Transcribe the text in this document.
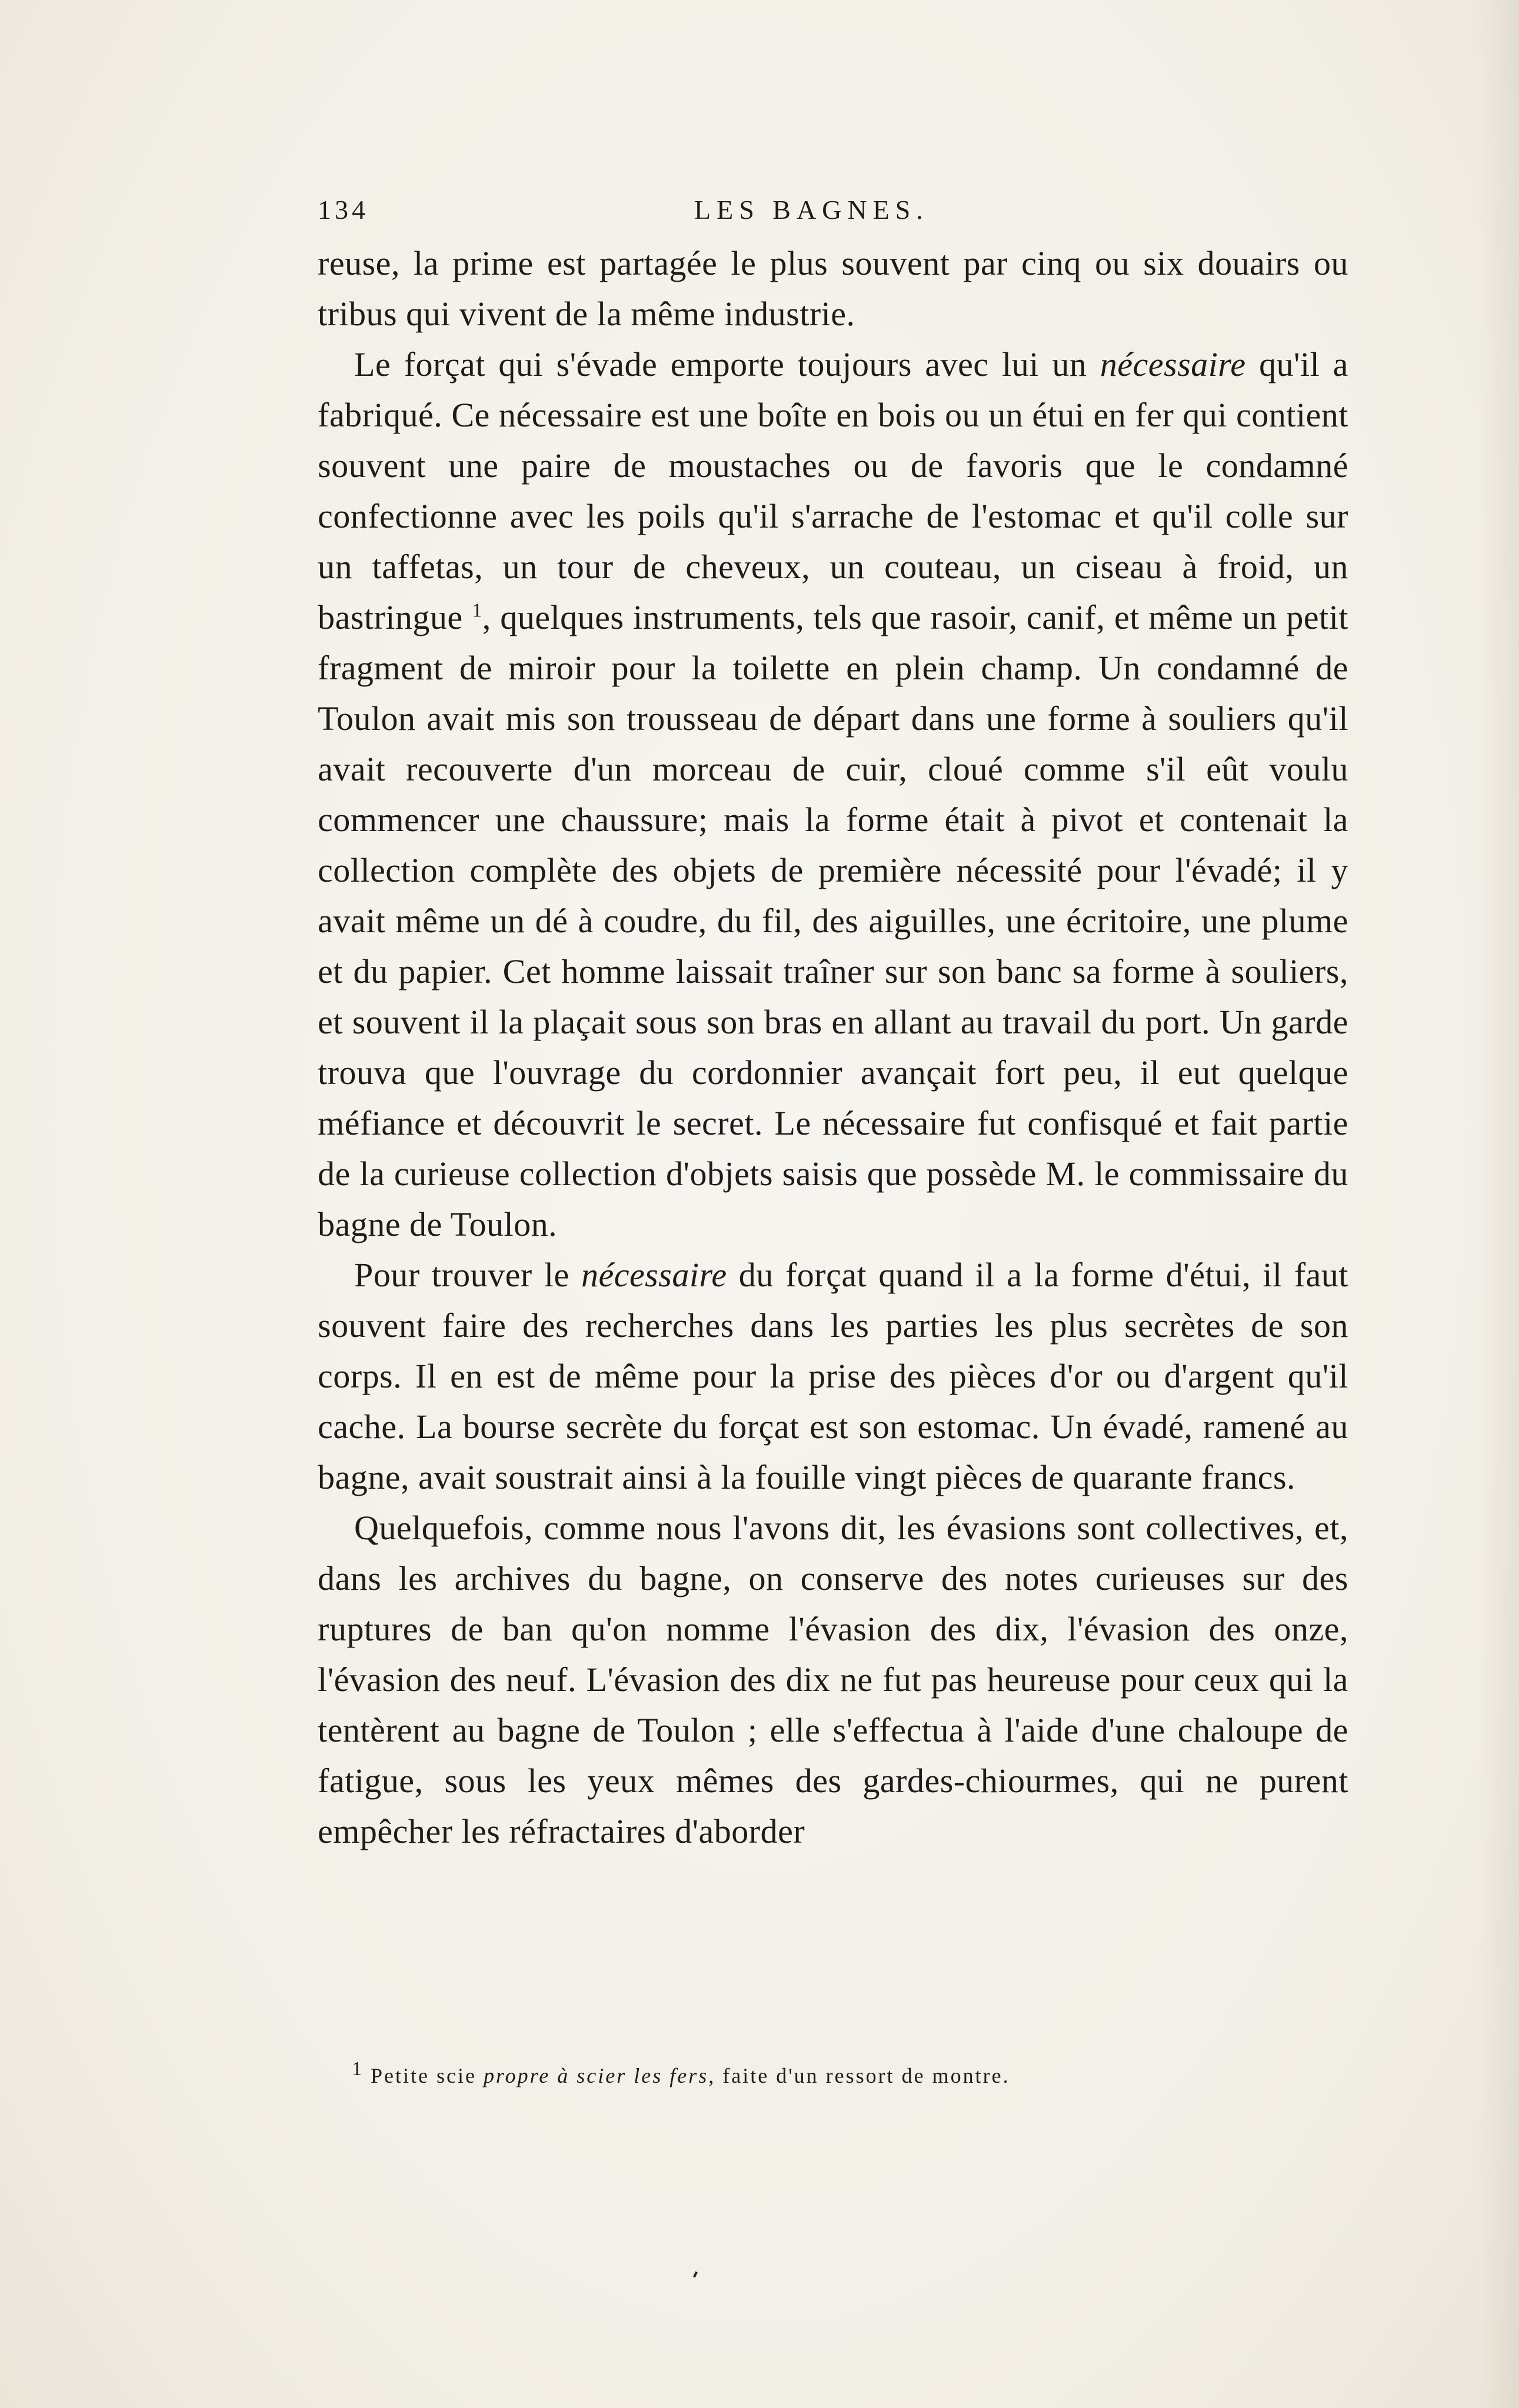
134	LES BAGNES.

reuse, la prime est partagée le plus souvent par cinq ou six douairs ou tribus qui vivent de la même industrie.

Le forçat qui s'évade emporte toujours avec lui un nécessaire qu'il a fabriqué. Ce nécessaire est une boîte en bois ou un étui en fer qui contient souvent une paire de moustaches ou de favoris que le condamné confectionne avec les poils qu'il s'arrache de l'estomac et qu'il colle sur un taffetas, un tour de cheveux, un couteau, un ciseau à froid, un bastringue $^1$, quelques instruments, tels que rasoir, canif, et même un petit fragment de miroir pour la toilette en plein champ. Un condamné de Toulon avait mis son trousseau de départ dans une forme à souliers qu'il avait recouverte d'un morceau de cuir, cloué comme s'il eût voulu commencer une chaussure; mais la forme était à pivot et contenait la collection complète des objets de première nécessité pour l'évadé; il y avait même un dé à coudre, du fil, des aiguilles, une écritoire, une plume et du papier. Cet homme laissait traîner sur son banc sa forme à souliers, et souvent il la plaçait sous son bras en allant au travail du port. Un garde trouva que l'ouvrage du cordonnier avançait fort peu, il eut quelque méfiance et découvrit le secret. Le nécessaire fut confisqué et fait partie de la curieuse collection d'objets saisis que possède M. le commissaire du bagne de Toulon.

Pour trouver le nécessaire du forçat quand il a la forme d'étui, il faut souvent faire des recherches dans les parties les plus secrètes de son corps. Il en est de même pour la prise des pièces d'or ou d'argent qu'il cache. La bourse secrète du forçat est son estomac. Un évadé, ramené au bagne, avait soustrait ainsi à la fouille vingt pièces de quarante francs.

Quelquefois, comme nous l'avons dit, les évasions sont collectives, et, dans les archives du bagne, on conserve des notes curieuses sur des ruptures de ban qu'on nomme l'évasion des dix, l'évasion des onze, l'évasion des neuf. L'évasion des dix ne fut pas heureuse pour ceux qui la tentèrent au bagne de Toulon ; elle s'effectua à l'aide d'une chaloupe de fatigue, sous les yeux mêmes des gardes-chiourmes, qui ne purent empêcher les réfractaires d'aborder

$^1$ Petite scie propre à scier les fers, faite d'un ressort de montre.
